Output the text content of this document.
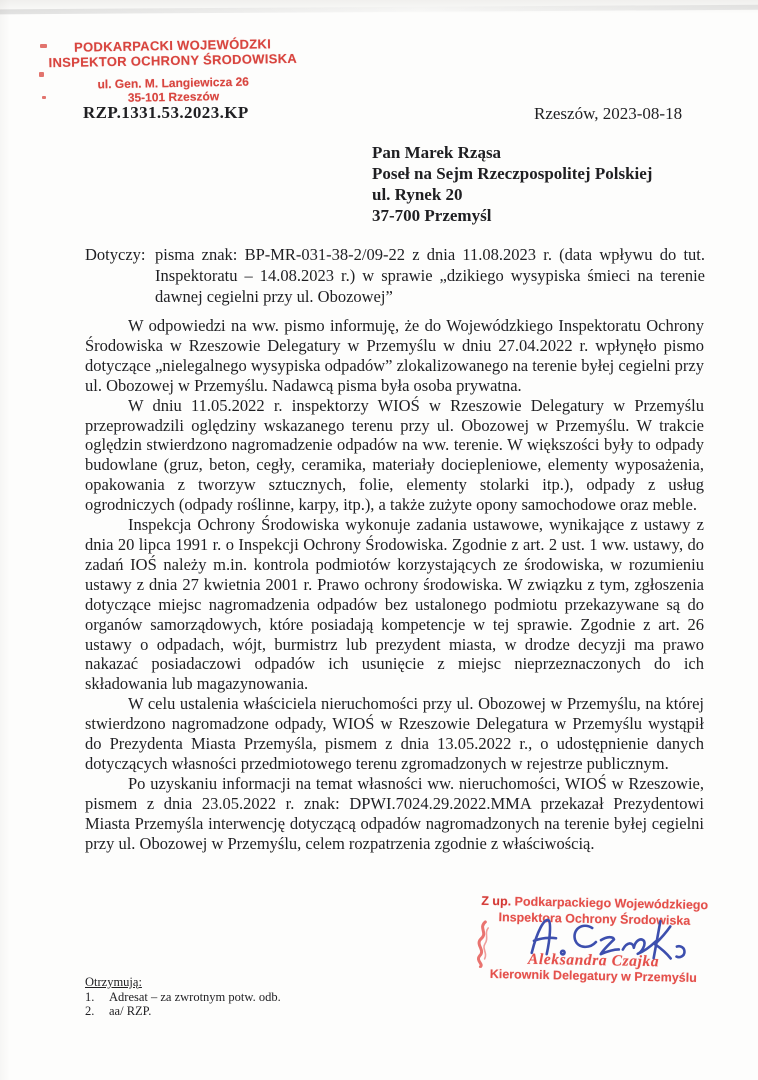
PODKARPACKI WOJEWÓDZKI
INSPEKTOR OCHRONY ŚRODOWISKA
ul. Gen. M. Langiewicza 26
35-101 Rzeszów
RZP.1331.53.2023.KP	Rzeszów, 2023-08-18
Pan Marek Rząsa
Poseł na Sejm Rzeczpospolitej Polskiej
ul. Rynek 20
37-700 Przemyśl
Dotyczy: pisma znak: BP-MR-031-38-2/09-22 z dnia 11.08.2023 r. (data wpływu do tut. Inspektoratu – 14.08.2023 r.) w sprawie „dzikiego wysypiska śmieci na terenie dawnej cegielni przy ul. Obozowej”

W odpowiedzi na ww. pismo informuję, że do Wojewódzkiego Inspektoratu Ochrony Środowiska w Rzeszowie Delegatury w Przemyślu w dniu 27.04.2022 r. wpłynęło pismo dotyczące „nielegalnego wysypiska odpadów” zlokalizowanego na terenie byłej cegielni przy ul. Obozowej w Przemyślu. Nadawcą pisma była osoba prywatna.

W dniu 11.05.2022 r. inspektorzy WIOŚ w Rzeszowie Delegatury w Przemyślu przeprowadzili oględziny wskazanego terenu przy ul. Obozowej w Przemyślu. W trakcie oględzin stwierdzono nagromadzenie odpadów na ww. terenie. W większości były to odpady budowlane (gruz, beton, cegły, ceramika, materiały dociepleniowe, elementy wyposażenia, opakowania z tworzyw sztucznych, folie, elementy stolarki itp.), odpady z usług ogrodniczych (odpady roślinne, karpy, itp.), a także zużyte opony samochodowe oraz meble.

Inspekcja Ochrony Środowiska wykonuje zadania ustawowe, wynikające z ustawy z dnia 20 lipca 1991 r. o Inspekcji Ochrony Środowiska. Zgodnie z art. 2 ust. 1 ww. ustawy, do zadań IOŚ należy m.in. kontrola podmiotów korzystających ze środowiska, w rozumieniu ustawy z dnia 27 kwietnia 2001 r. Prawo ochrony środowiska. W związku z tym, zgłoszenia dotyczące miejsc nagromadzenia odpadów bez ustalonego podmiotu przekazywane są do organów samorządowych, które posiadają kompetencje w tej sprawie. Zgodnie z art. 26 ustawy o odpadach, wójt, burmistrz lub prezydent miasta, w drodze decyzji ma prawo nakazać posiadaczowi odpadów ich usunięcie z miejsc nieprzeznaczonych do ich składowania lub magazynowania.

W celu ustalenia właściciela nieruchomości przy ul. Obozowej w Przemyślu, na której stwierdzono nagromadzone odpady, WIOŚ w Rzeszowie Delegatura w Przemyślu wystąpił do Prezydenta Miasta Przemyśla, pismem z dnia 13.05.2022 r., o udostępnienie danych dotyczących własności przedmiotowego terenu zgromadzonych w rejestrze publicznym.

Po uzyskaniu informacji na temat własności ww. nieruchomości, WIOŚ w Rzeszowie, pismem z dnia 23.05.2022 r. znak: DPWI.7024.29.2022.MMA przekazał Prezydentowi Miasta Przemyśla interwencję dotyczącą odpadów nagromadzonych na terenie byłej cegielni przy ul. Obozowej w Przemyślu, celem rozpatrzenia zgodnie z właściwością.

Z up. Podkarpackiego Wojewódzkiego
Inspektora Ochrony Środowiska
Aleksandra Czajka
Kierownik Delegatury w Przemyślu
Otrzymują:
1. Adresat – za zwrotnym potw. odb.
2. aa/ RZP.
